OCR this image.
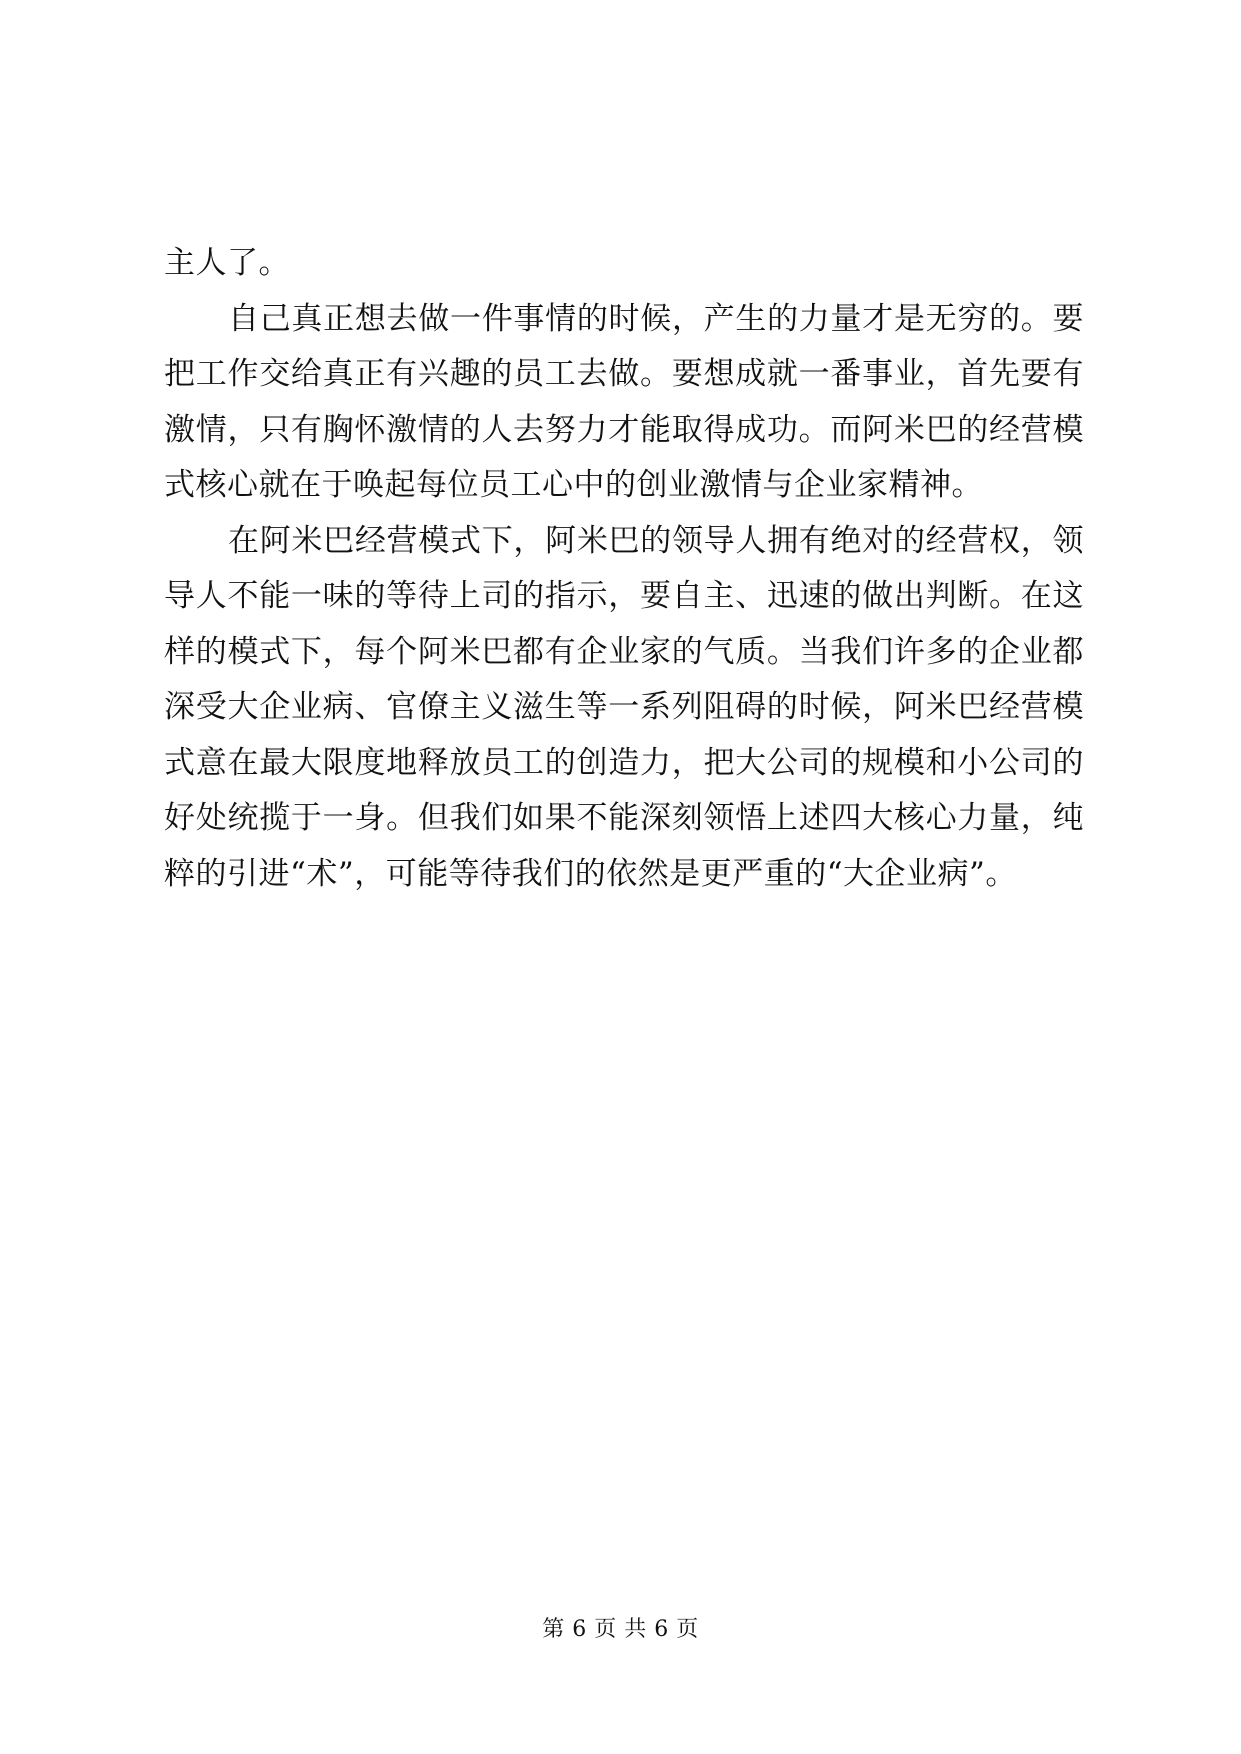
主人了。

自己真正想去做一件事情的时候，产生的力量才是无穷的。要把工作交给真正有兴趣的员工去做。要想成就一番事业，首先要有激情，只有胸怀激情的人去努力才能取得成功。而阿米巴的经营模式核心就在于唤起每位员工心中的创业激情与企业家精神。

在阿米巴经营模式下，阿米巴的领导人拥有绝对的经营权，领导人不能一味的等待上司的指示，要自主、迅速的做出判断。在这样的模式下，每个阿米巴都有企业家的气质。当我们许多的企业都深受大企业病、官僚主义滋生等一系列阻碍的时候，阿米巴经营模式意在最大限度地释放员工的创造力，把大公司的规模和小公司的好处统揽于一身。但我们如果不能深刻领悟上述四大核心力量，纯粹的引进“术”，可能等待我们的依然是更严重的“大企业病”。

第 6 页 共 6 页
